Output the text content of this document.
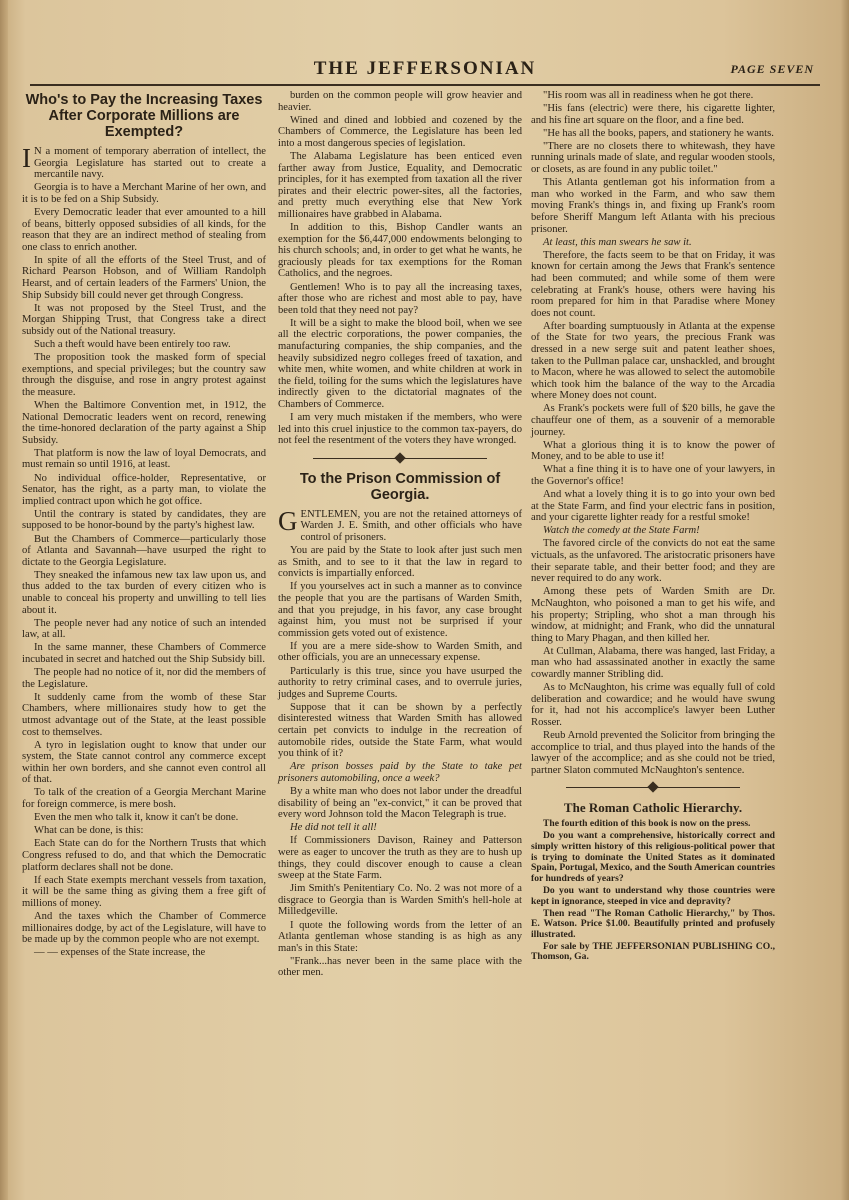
THE JEFFERSONIAN	PAGE SEVEN
Who's to Pay the Increasing Taxes After Corporate Millions are Exempted?

I N a moment of temporary aberration of intellect, the Georgia Legislature has started out to create a mercantile navy.

Georgia is to have a Merchant Marine of her own, and it is to be fed on a Ship Subsidy.

Every Democratic leader that ever amounted to a hill of beans, bitterly opposed subsidies of all kinds, for the reason that they are an indirect method of stealing from one class to enrich another.

In spite of all the efforts of the Steel Trust, and of Richard Pearson Hobson, and of William Randolph Hearst, and of certain leaders of the Farmers' Union, the Ship Subsidy bill could never get through Congress.

It was not proposed by the Steel Trust, and the Morgan Shipping Trust, that Congress take a direct subsidy out of the National treasury.

Such a theft would have been entirely too raw.

The proposition took the masked form of special exemptions, and special privileges; but the country saw through the disguise, and rose in angry protest against the measure.

When the Baltimore Convention met, in 1912, the National Democratic leaders went on record, renewing the time-honored declaration of the party against a Ship Subsidy.

That platform is now the law of loyal Democrats, and must remain so until 1916, at least.

No individual office-holder, Representative, or Senator, has the right, as a party man, to violate the implied contract upon which he got office.

Until the contrary is stated by candidates, they are supposed to be honor-bound by the party's highest law.

But the Chambers of Commerce—particularly those of Atlanta and Savannah—have usurped the right to dictate to the Georgia Legislature.

They sneaked the infamous new tax law upon us, and thus added to the tax burden of every citizen who is unable to conceal his property and unwilling to tell lies about it.

The people never had any notice of such an intended law, at all.

In the same manner, these Chambers of Commerce incubated in secret and hatched out the Ship Subsidy bill.

The people had no notice of it, nor did the members of the Legislature.

It suddenly came from the womb of these Star Chambers, where millionaires study how to get the utmost advantage out of the State, at the least possible cost to themselves.

A tyro in legislation ought to know that under our system, the State cannot control any commerce except within her own borders, and she cannot even control all of that.

To talk of the creation of a Georgia Merchant Marine for foreign commerce, is mere bosh.

Even the men who talk it, know it can't be done.

What can be done, is this:

Each State can do for the Northern Trusts that which Congress refused to do, and that which the Democratic platform declares shall not be done.

If each State exempts merchant vessels from taxation, it will be the same thing as giving them a free gift of millions of money.

And the taxes which the Chamber of Commerce millionaires dodge, by act of the Legislature, will have to be made up by the common people who are not exempt.

— — expenses of the State increase, the

burden on the common people will grow heavier and heavier.

Wined and dined and lobbied and cozened by the Chambers of Commerce, the Legislature has been led into a most dangerous species of legislation.

The Alabama Legislature has been enticed even farther away from Justice, Equality, and Democratic principles, for it has exempted from taxation all the river pirates and their electric power-sites, all the factories, and pretty much everything else that New York millionaires have grabbed in Alabama.

In addition to this, Bishop Candler wants an exemption for the $6,447,000 endowments belonging to his church schools; and, in order to get what he wants, he graciously pleads for tax exemptions for the Roman Catholics, and the negroes.

Gentlemen! Who is to pay all the increasing taxes, after those who are richest and most able to pay, have been told that they need not pay?

It will be a sight to make the blood boil, when we see all the electric corporations, the power companies, the manufacturing companies, the ship companies, and the heavily subsidized negro colleges freed of taxation, and white men, white women, and white children at work in the field, toiling for the sums which the legislatures have indirectly given to the dictatorial magnates of the Chambers of Commerce.

I am very much mistaken if the members, who were led into this cruel injustice to the common tax-payers, do not feel the resentment of the voters they have wronged.

To the Prison Commission of Georgia.

GENTLEMEN, you are not the retained attorneys of Warden J. E. Smith, and other officials who have control of prisoners.

You are paid by the State to look after just such men as Smith, and to see to it that the law in regard to convicts is impartially enforced.

If you yourselves act in such a manner as to convince the people that you are the partisans of Warden Smith, and that you prejudge, in his favor, any case brought against him, you must not be surprised if your commission gets voted out of existence.

If you are a mere side-show to Warden Smith, and other officials, you are an unnecessary expense.

Particularly is this true, since you have usurped the authority to retry criminal cases, and to overrule juries, judges and Supreme Courts.

Suppose that it can be shown by a perfectly disinterested witness that Warden Smith has allowed certain pet convicts to indulge in the recreation of automobile rides, outside the State Farm, what would you think of it?

Are prison bosses paid by the State to take pet prisoners automobiling, once a week?

By a white man who does not labor under the dreadful disability of being an "ex-convict," it can be proved that every word Johnson told the Macon Telegraph is true.

He did not tell it all!

If Commissioners Davison, Rainey and Patterson were as eager to uncover the truth as they are to hush up things, they could discover enough to cause a clean sweep at the State Farm.

Jim Smith's Penitentiary Co. No. 2 was not more of a disgrace to Georgia than is Warden Smith's hell-hole at Milledgeville.

I quote the following words from the letter of an Atlanta gentleman whose standing is as high as any man's in this State:

"Frank...has never been in the same place with the other men.

"His room was all in readiness when he got there.

"His fans (electric) were there, his cigarette lighter, and his fine art square on the floor, and a fine bed.

"He has all the books, papers, and stationery he wants.

"There are no closets there to whitewash, they have running urinals made of slate, and regular wooden stools, or closets, as are found in any public toilet."

This Atlanta gentleman got his information from a man who worked in the Farm, and who saw them moving Frank's things in, and fixing up Frank's room before Sheriff Mangum left Atlanta with his precious prisoner.

At least, this man swears he saw it.

Therefore, the facts seem to be that on Friday, it was known for certain among the Jews that Frank's sentence had been commuted; and while some of them were celebrating at Frank's house, others were having his room prepared for him in that Paradise where Money does not count.

After boarding sumptuously in Atlanta at the expense of the State for two years, the precious Frank was dressed in a new serge suit and patent leather shoes, taken to the Pullman palace car, unshackled, and brought to Macon, where he was allowed to select the automobile which took him the balance of the way to the Arcadia where Money does not count.

As Frank's pockets were full of $20 bills, he gave the chauffeur one of them, as a souvenir of a memorable journey.

What a glorious thing it is to know the power of Money, and to be able to use it!

What a fine thing it is to have one of your lawyers, in the Governor's office!

And what a lovely thing it is to go into your own bed at the State Farm, and find your electric fans in position, and your cigarette lighter ready for a restful smoke!

Watch the comedy at the State Farm!

The favored circle of the convicts do not eat the same victuals, as the unfavored. The aristocratic prisoners have their separate table, and their better food; and they are never required to do any work.

Among these pets of Warden Smith are Dr. McNaughton, who poisoned a man to get his wife, and his property; Stripling, who shot a man through his window, at midnight; and Frank, who did the unnatural thing to Mary Phagan, and then killed her.

At Cullman, Alabama, there was hanged, last Friday, a man who had assassinated another in exactly the same cowardly manner Stribling did.

As to McNaughton, his crime was equally full of cold deliberation and cowardice; and he would have swung for it, had not his accomplice's lawyer been Luther Rosser.

Reub Arnold prevented the Solicitor from bringing the accomplice to trial, and thus played into the hands of the lawyer of the accomplice; and as she could not be tried, partner Slaton commuted McNaughton's sentence.

The Roman Catholic Hierarchy.

The fourth edition of this book is now on the press.

Do you want a comprehensive, historically correct and simply written history of this religious-political power that is trying to dominate the United States as it dominated Spain, Portugal, Mexico, and the South American countries for hundreds of years?

Do you want to understand why those countries were kept in ignorance, steeped in vice and depravity?

Then read "The Roman Catholic Hierarchy," by Thos. E. Watson. Price $1.00. Beautifully printed and profusely illustrated.

For sale by THE JEFFERSONIAN PUBLISHING CO., Thomson, Ga.
